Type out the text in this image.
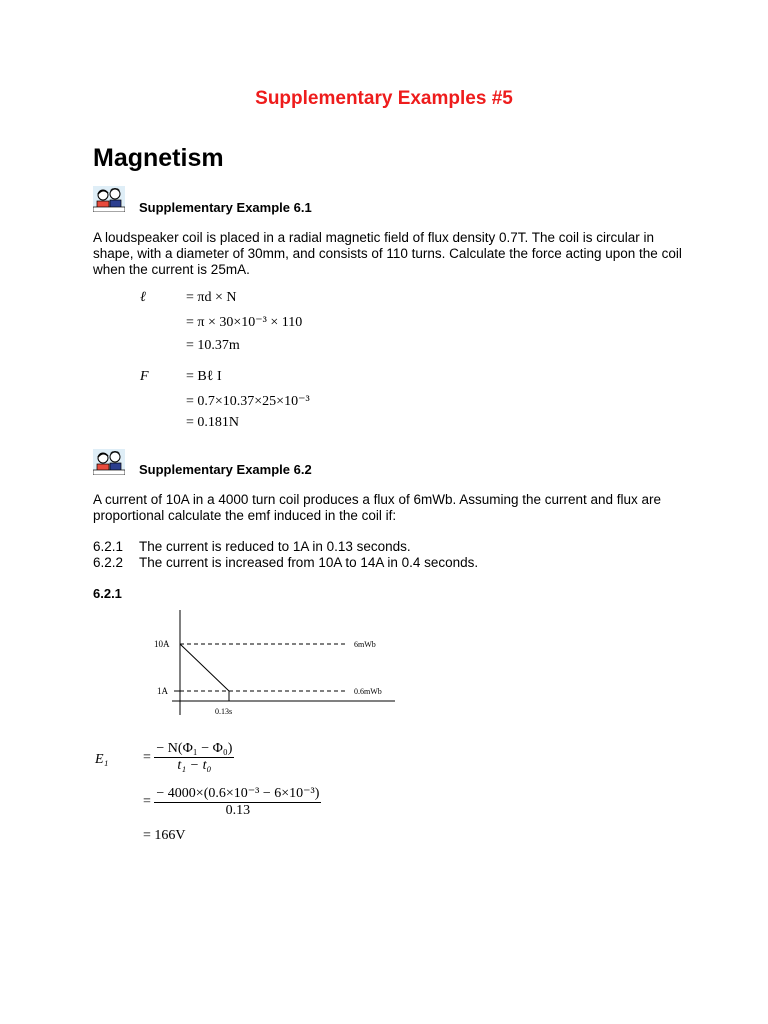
Supplementary Examples #5
Magnetism
Supplementary Example 6.1
A loudspeaker coil is placed in a radial magnetic field of flux density 0.7T. The coil is circular in shape, with a diameter of 30mm, and consists of 110 turns. Calculate the force acting upon the coil when the current is 25mA.
ℓ	= πd × N
= π × 30×10⁻³ × 110
= 10.37m
F	= Bℓ I
= 0.7×10.37×25×10⁻³
= 0.181N
Supplementary Example 6.2
A current of 10A in a 4000 turn coil produces a flux of 6mWb. Assuming the current and flux are proportional calculate the emf induced in the coil if:
6.2.1 The current is reduced to 1A in 0.13 seconds.
6.2.2 The current is increased from 10A to 14A in 0.4 seconds.
6.2.1
10A
1A
6mWb
0.6mWb
0.13s
$E_1 = \frac{\text{− N(Φ₁ − Φ₀)}}{\text{t₁ − t₀}}$
= $\frac{\text{− 4000×(0.6×10⁻³ − 6×10⁻³)}}{0.13}$
= 166V
